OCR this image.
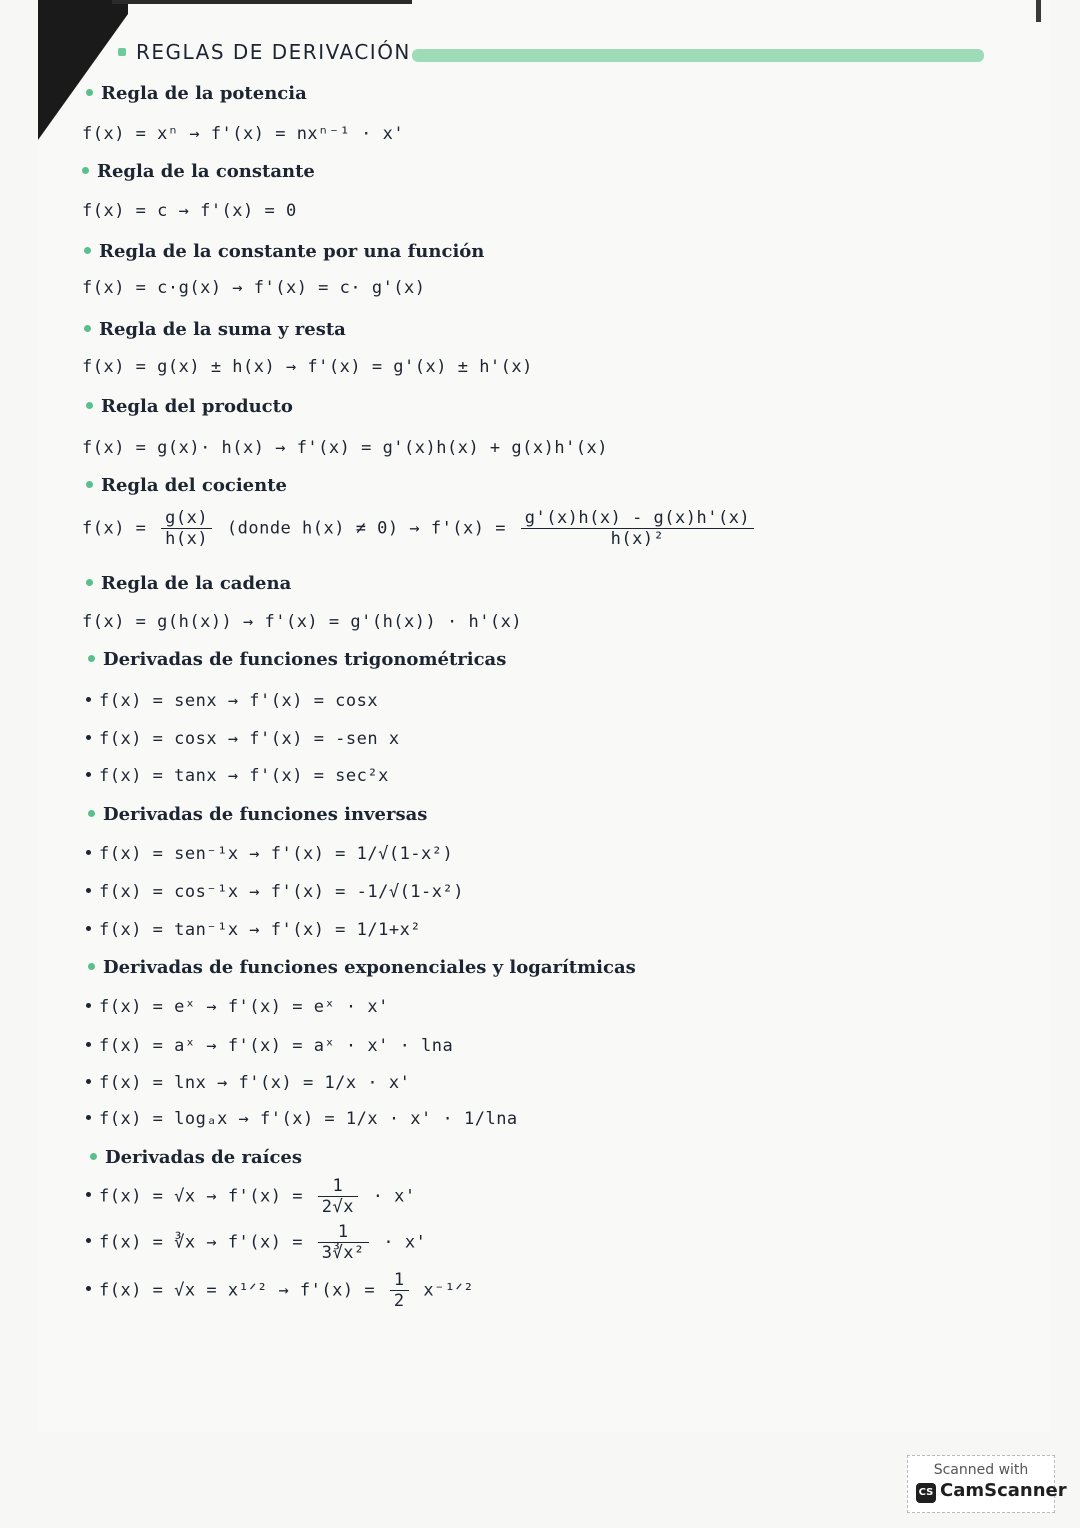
REGLAS DE DERIVACIÓN
Regla de la potencia
f(x) = xⁿ → f'(x) = nxⁿ⁻¹ · x'
Regla de la constante
f(x) = c → f'(x) = 0
Regla de la constante por una función
f(x) = c·g(x) → f'(x) = c· g'(x)
Regla de la suma y resta
f(x) = g(x) ± h(x) → f'(x) = g'(x) ± h'(x)
Regla del producto
f(x) = g(x)· h(x) → f'(x) = g'(x)h(x) + g(x)h'(x)
Regla del cociente
$f(x) = \frac{g(x)}{h(x)}$ (donde $h(x) \ne 0) \to f'(x) = \frac{g'(x)h(x) - g(x)h'(x)}{\text{h(x)²}}$
Regla de la cadena
f(x) = g(h(x)) → f'(x) = g'(h(x)) · h'(x)
Derivadas de funciones trigonométricas
f(x) = senx → f'(x) = cosx
f(x) = cosx → f'(x) = -sen x
f(x) = tanx → f'(x) = sec²x
Derivadas de funciones inversas
f(x) = sen⁻¹x → f'(x) = 1/√(1-x²)
f(x) = cos⁻¹x → f'(x) = -1/√(1-x²)
f(x) = tan⁻¹x → f'(x) = 1/1+x²
Derivadas de funciones exponenciales y logarítmicas
f(x) = eˣ → f'(x) = eˣ · x'
f(x) = aˣ → f'(x) = aˣ · x' · lna
f(x) = lnx → f'(x) = 1/x · x'
f(x) = logₐx → f'(x) = 1/x · x' · 1/lna
Derivadas de raíces
$f(x) = √x \to f'(x) = \frac{1}{2√x} \cdot x'$
f(x) = ∛x → $f'(x) = \frac{1}{\text{3∛x²}} \cdot x'$
f(x) = √x = x¹ᐟ² → $f'(x) = \frac{1}{2}$ x⁻¹ᐟ²
Scanned with
CS CamScanner
